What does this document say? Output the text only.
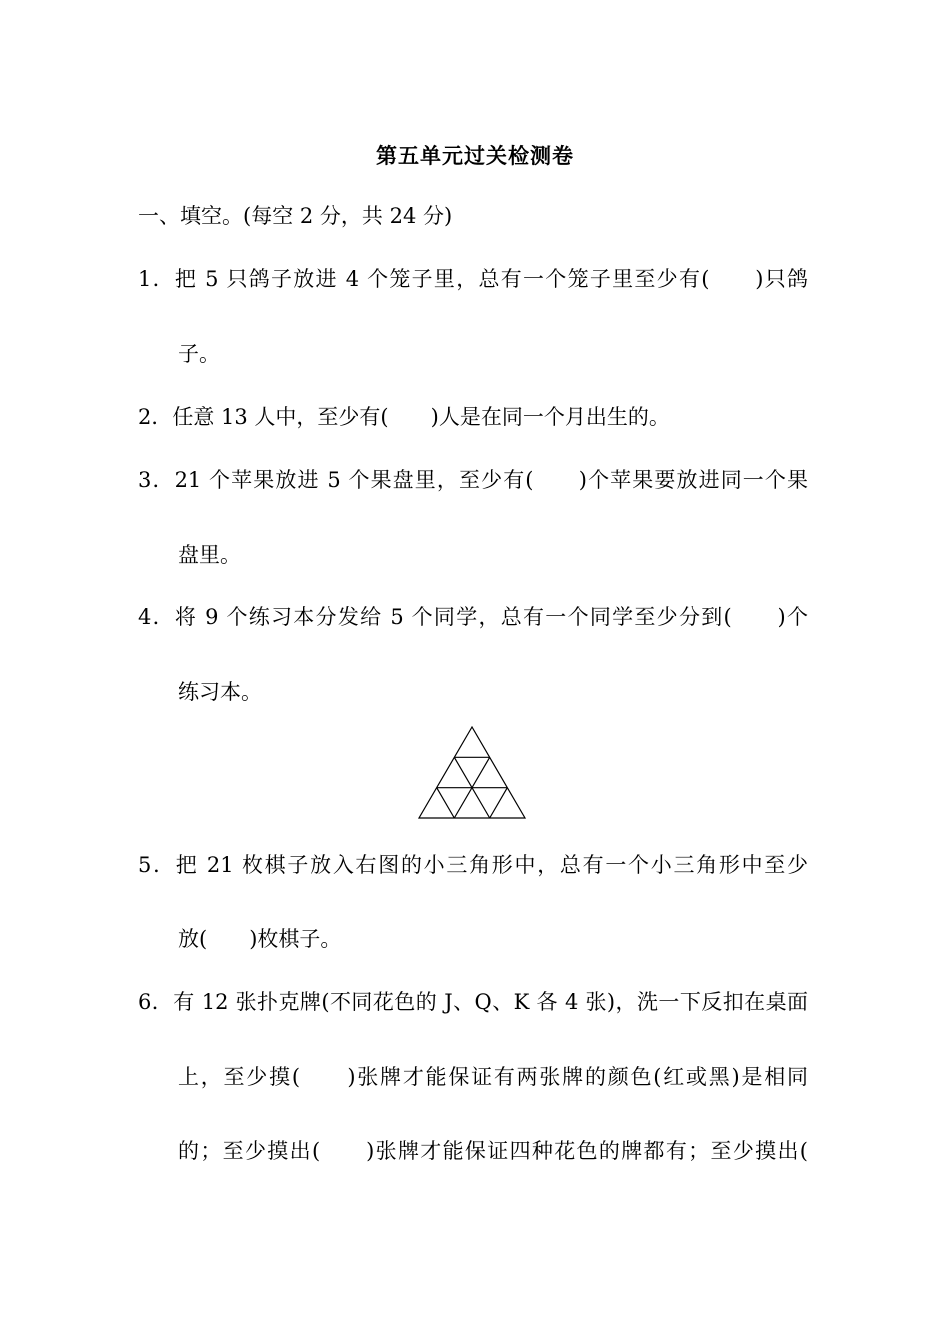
第五单元过关检测卷
一、填空。(每空 2 分，共 24 分)
1．把 5 只鸽子放进 4 个笼子里，总有一个笼子里至少有(　　)只鸽
子。
2．任意 13 人中，至少有(　　)人是在同一个月出生的。
3．21 个苹果放进 5 个果盘里，至少有(　　)个苹果要放进同一个果
盘里。
4．将 9 个练习本分发给 5 个同学，总有一个同学至少分到(　　)个
练习本。
5．把 21 枚棋子放入右图的小三角形中，总有一个小三角形中至少
放(　　)枚棋子。
6．有 12 张扑克牌(不同花色的 J、Q、K 各 4 张)，洗一下反扣在桌面
上，至少摸(　　)张牌才能保证有两张牌的颜色(红或黑)是相同
的；至少摸出(　　)张牌才能保证四种花色的牌都有；至少摸出(
